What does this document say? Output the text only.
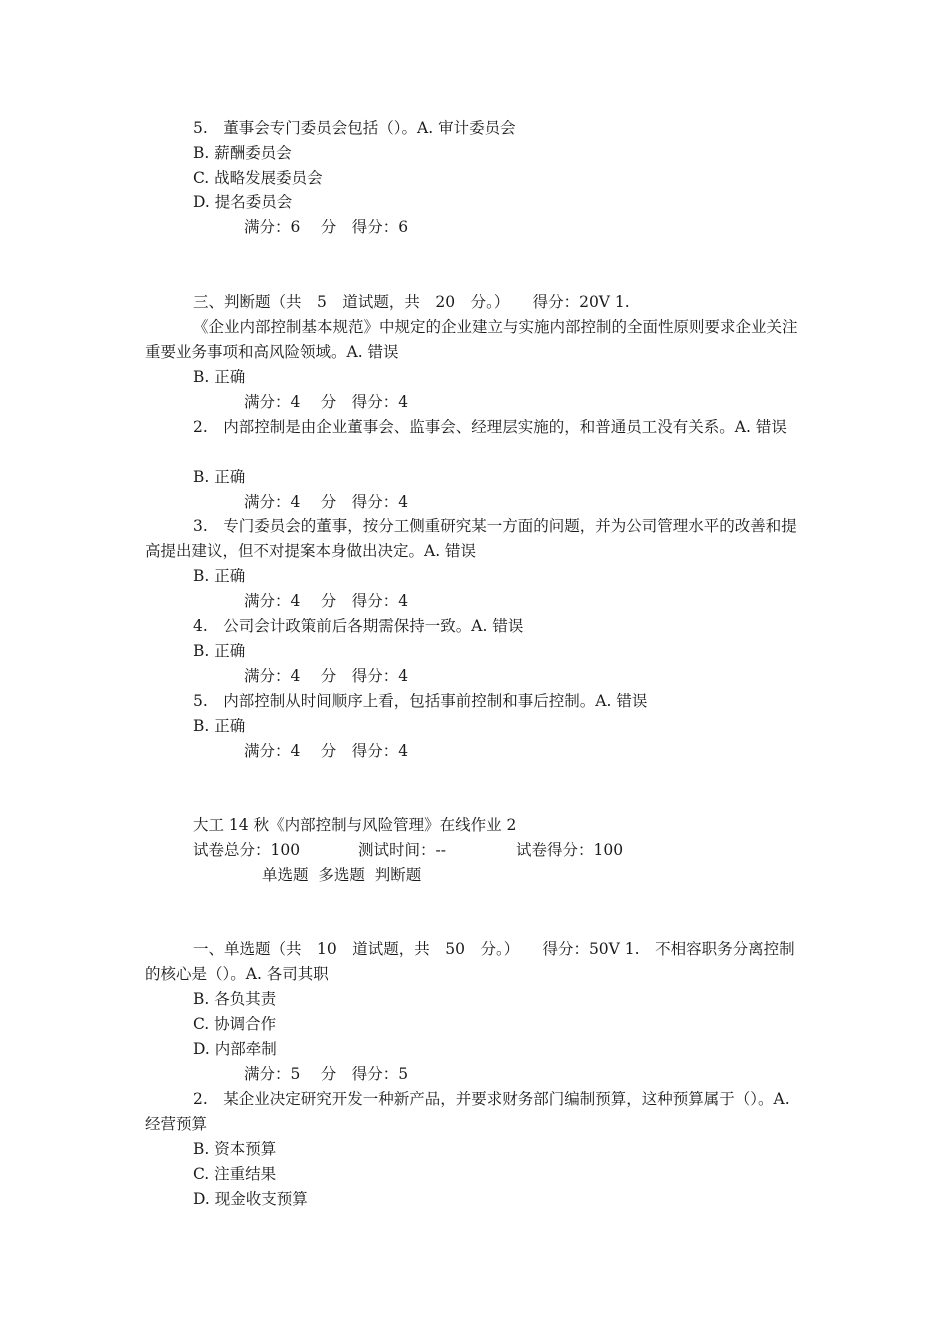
5.　董事会专门委员会包括（）。A. 审计委员会
B. 薪酬委员会
C. 战略发展委员会
D. 提名委员会
满分：6　 分　得分：6
三、判断题（共　5　道试题，共　20　分。）　　得分：20V 1.
《企业内部控制基本规范》中规定的企业建立与实施内部控制的全面性原则要求企业关注重要业务事项和高风险领域。A. 错误
B. 正确
满分：4　 分　得分：4
2.　内部控制是由企业董事会、监事会、经理层实施的，和普通员工没有关系。A. 错误
B. 正确
满分：4　 分　得分：4
3.　专门委员会的董事，按分工侧重研究某一方面的问题，并为公司管理水平的改善和提高提出建议，但不对提案本身做出决定。A. 错误
B. 正确
满分：4　 分　得分：4
4.　公司会计政策前后各期需保持一致。A. 错误
B. 正确
满分：4　 分　得分：4
5.　内部控制从时间顺序上看，包括事前控制和事后控制。A. 错误
B. 正确
满分：4　 分　得分：4
大工 14 秋《内部控制与风险管理》在线作业 2
试卷总分：100	测试时间：--	试卷得分：100
单选题  多选题  判断题
一、单选题（共　10　道试题，共　50　分。）　　得分：50V 1.　不相容职务分离控制的核心是（）。A. 各司其职
B. 各负其责
C. 协调合作
D. 内部牵制
满分：5　 分　得分：5
2.　某企业决定研究开发一种新产品，并要求财务部门编制预算，这种预算属于（）。A. 经营预算
B. 资本预算
C. 注重结果
D. 现金收支预算
